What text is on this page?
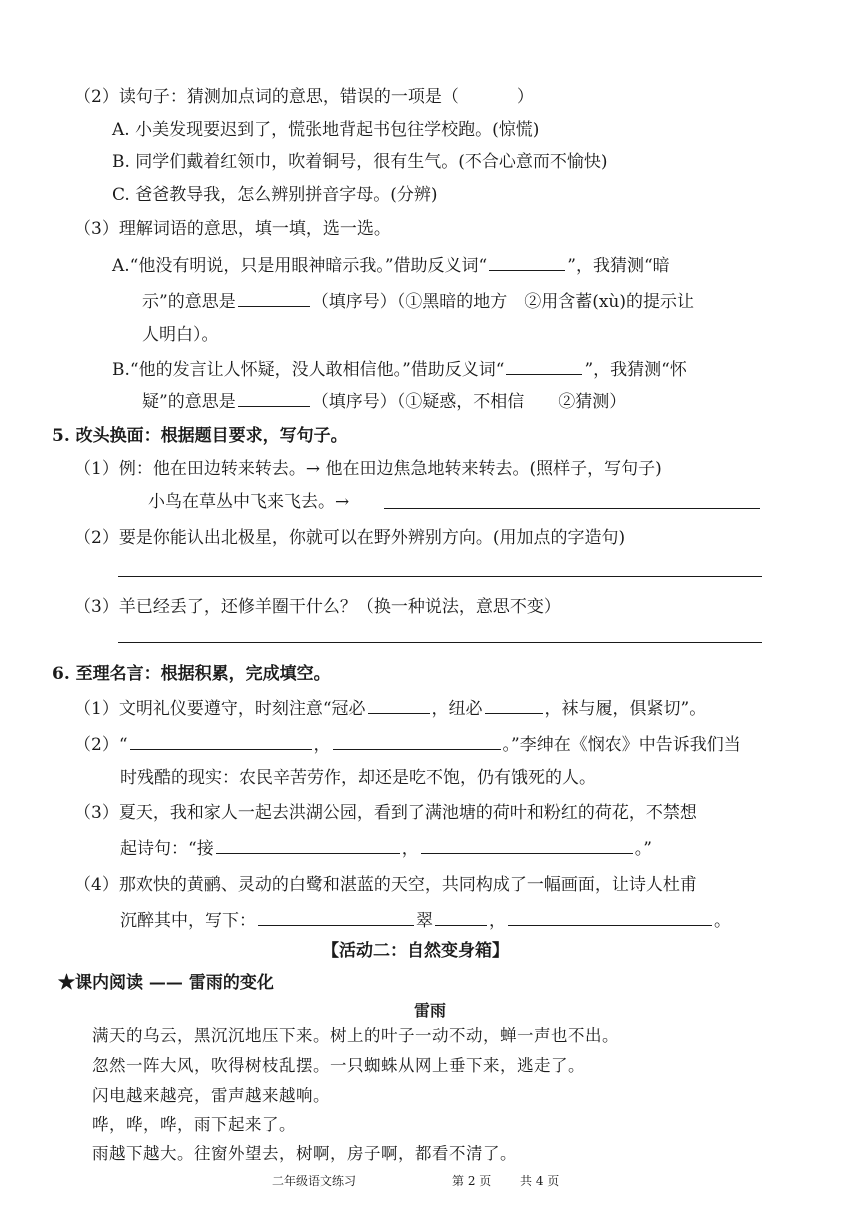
（2）读句子：猜测加点词的意思，错误的一项是（	）
A. 小美发现要迟到了，慌张地背起书包往学校跑。(惊慌)
B. 同学们戴着红领巾，吹着铜号，很有生气。(不合心意而不愉快)
C. 爸爸教导我，怎么辨别拼音字母。(分辨)
（3）理解词语的意思，填一填，选一选。
A.“他没有明说，只是用眼神暗示我。”借助反义词“	”，我猜测“暗
示”的意思是	（填序号）（①黑暗的地方　②用含蓄(xù)的提示让
人明白）。
B.“他的发言让人怀疑，没人敢相信他。”借助反义词“	”，我猜测“怀
疑”的意思是	（填序号）（①疑惑，不相信　　②猜测）
5. 改头换面：根据题目要求，写句子。
（1）例：他在田边转来转去。→ 他在田边焦急地转来转去。(照样子，写句子)
小鸟在草丛中飞来飞去。→
（2）要是你能认出北极星，你就可以在野外辨别方向。(用加点的字造句)
（3）羊已经丢了，还修羊圈干什么？（换一种说法，意思不变）
6. 至理名言：根据积累，完成填空。
（1）文明礼仪要遵守，时刻注意“冠必	，纽必	，袜与履，俱紧切”。
（2）“	，	。”李绅在《悯农》中告诉我们当
时残酷的现实：农民辛苦劳作，却还是吃不饱，仍有饿死的人。
（3）夏天，我和家人一起去洪湖公园，看到了满池塘的荷叶和粉红的荷花，不禁想
起诗句：“接	，	。”
（4）那欢快的黄鹂、灵动的白鹭和湛蓝的天空，共同构成了一幅画面，让诗人杜甫
沉醉其中，写下：	翠	，	。
【活动二：自然变身箱】
★课内阅读 —— 雷雨的变化
雷雨
满天的乌云，黑沉沉地压下来。树上的叶子一动不动，蝉一声也不出。
忽然一阵大风，吹得树枝乱摆。一只蜘蛛从网上垂下来，逃走了。
闪电越来越亮，雷声越来越响。
哗，哗，哗，雨下起来了。
雨越下越大。往窗外望去，树啊，房子啊，都看不清了。
二年级语文练习	第 2 页 共 4 页
